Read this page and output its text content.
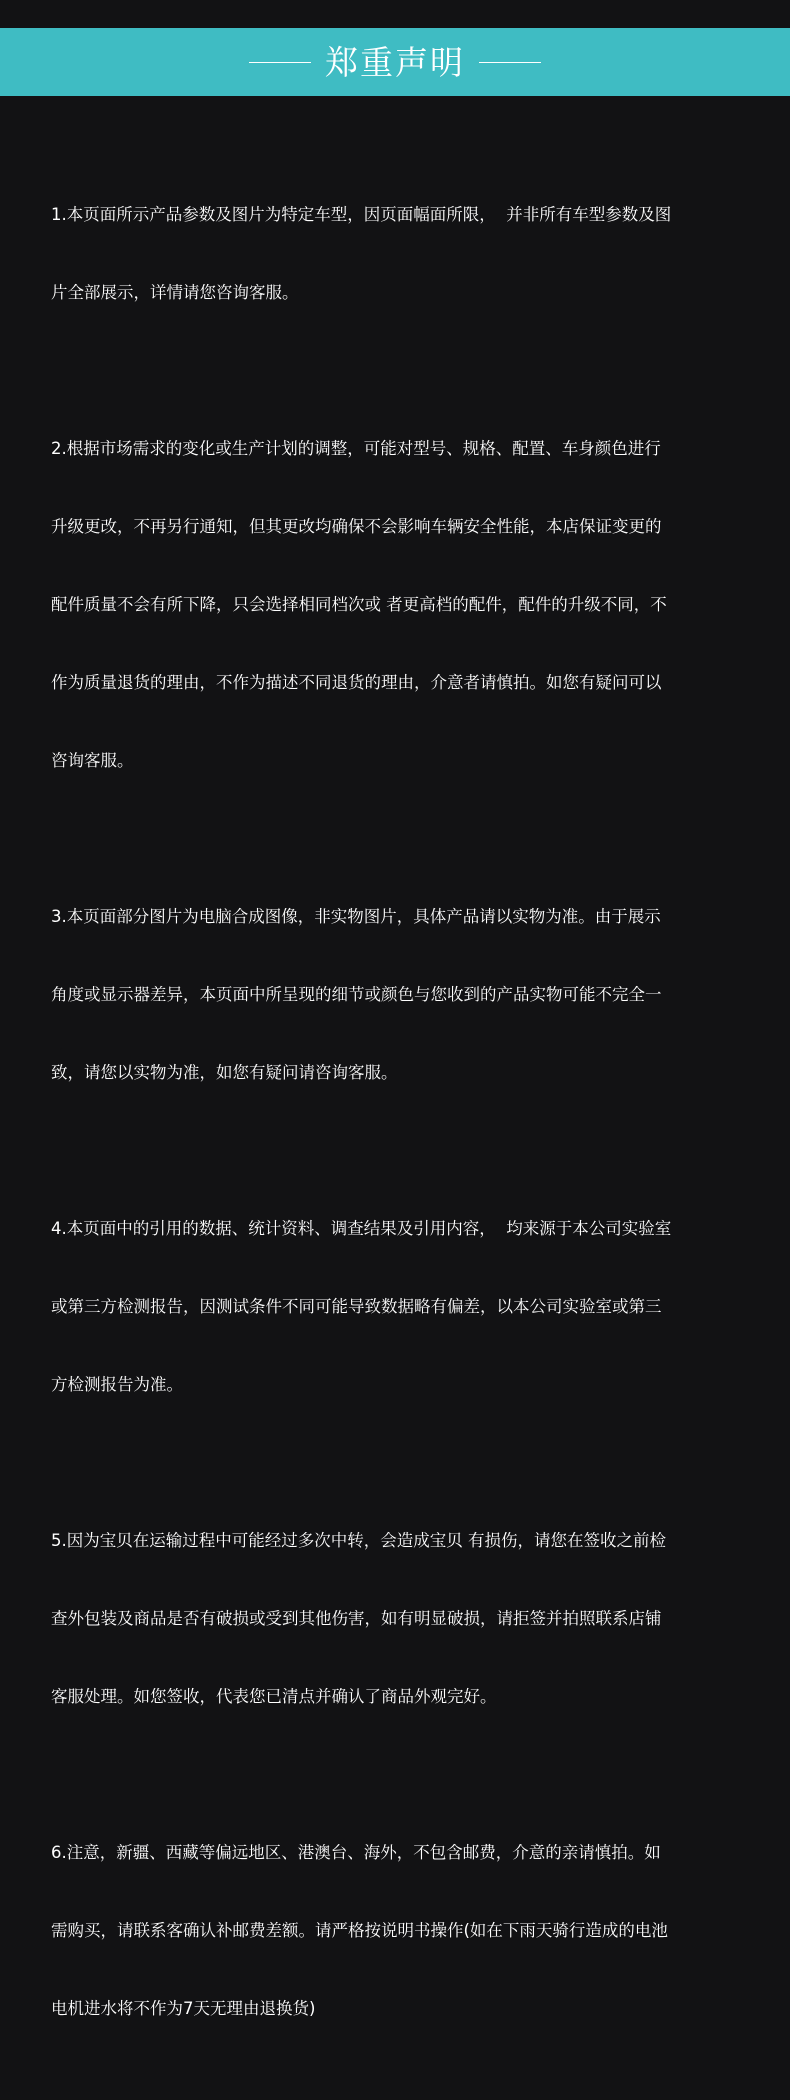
郑重声明

1.本页面所示产品参数及图片为特定车型，因页面幅面所限，  并非所有车型参数及图

片全部展示，详情请您咨询客服。

2.根据市场需求的变化或生产计划的调整，可能对型号、规格、配置、车身颜色进行

升级更改，不再另行通知，但其更改均确保不会影响车辆安全性能，本店保证变更的

配件质量不会有所下降，只会选择相同档次或 者更高档的配件，配件的升级不同，不

作为质量退货的理由，不作为描述不同退货的理由，介意者请慎拍。如您有疑问可以

咨询客服。

3.本页面部分图片为电脑合成图像，非实物图片，具体产品请以实物为准。由于展示

角度或显示器差异，本页面中所呈现的细节或颜色与您收到的产品实物可能不完全一

致，请您以实物为准，如您有疑问请咨询客服。

4.本页面中的引用的数据、统计资料、调查结果及引用内容，  均来源于本公司实验室

或第三方检测报告，因测试条件不同可能导致数据略有偏差，以本公司实验室或第三

方检测报告为准。

5.因为宝贝在运输过程中可能经过多次中转，会造成宝贝 有损伤，请您在签收之前检

查外包装及商品是否有破损或受到其他伤害，如有明显破损，请拒签并拍照联系店铺

客服处理。如您签收，代表您已清点并确认了商品外观完好。

6.注意，新疆、西藏等偏远地区、港澳台、海外，不包含邮费，介意的亲请慎拍。如

需购买，请联系客确认补邮费差额。请严格按说明书操作(如在下雨天骑行造成的电池

电机进水将不作为7天无理由退换货)
